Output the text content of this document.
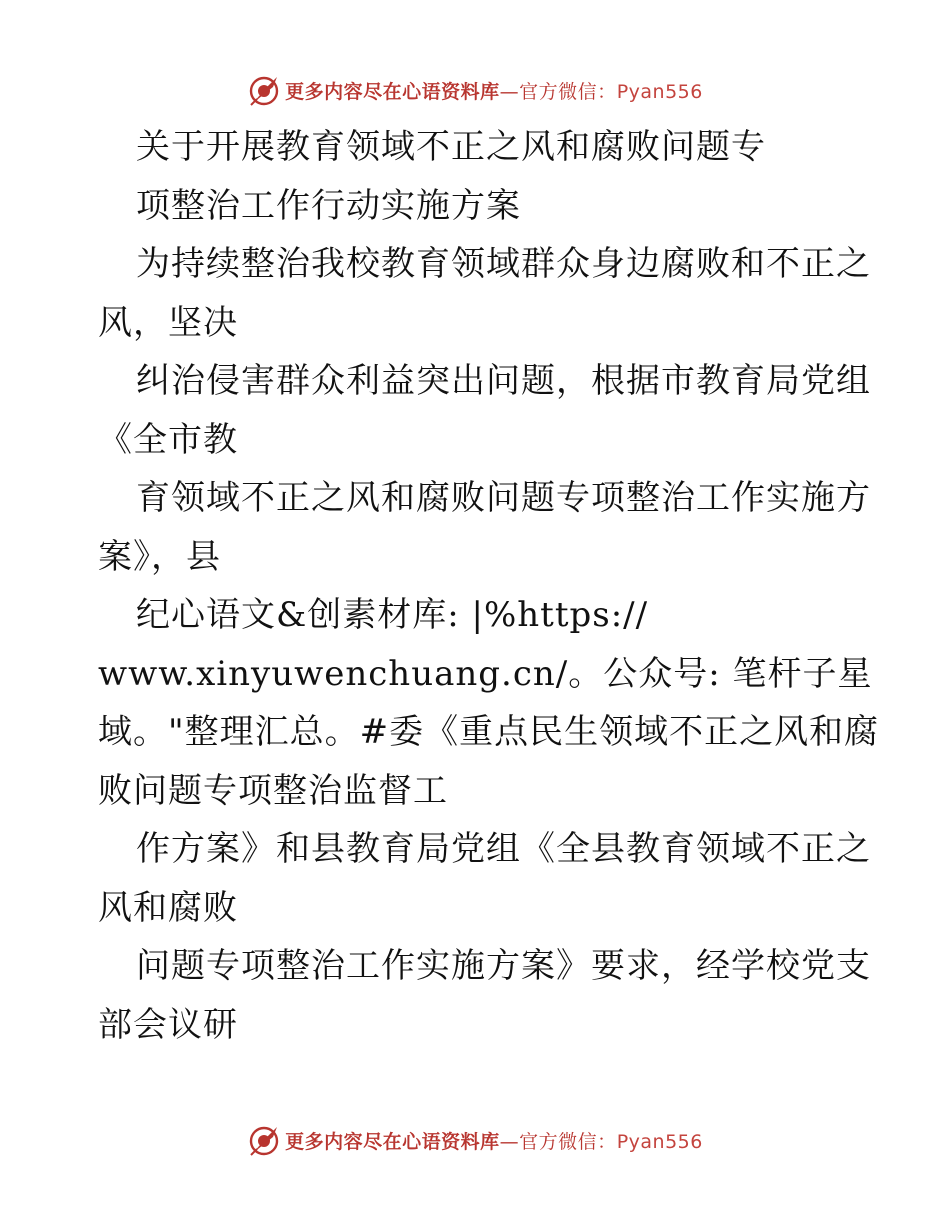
更多内容尽在心语资料库—官方微信：Pyan556
关于开展教育领域不正之风和腐败问题专
项整治工作行动实施方案
为持续整治我校教育领域群众身边腐败和不正之
风，坚决
纠治侵害群众利益突出问题，根据市教育局党组
《全市教
育领域不正之风和腐败问题专项整治工作实施方
案》，县
纪心语文&创素材库: |%https://
www.xinyuwenchuang.cn/。公众号: 笔杆子星
域。"整理汇总。#委《重点民生领域不正之风和腐
败问题专项整治监督工
作方案》和县教育局党组《全县教育领域不正之
风和腐败
问题专项整治工作实施方案》要求，经学校党支
部会议研
更多内容尽在心语资料库—官方微信：Pyan556
